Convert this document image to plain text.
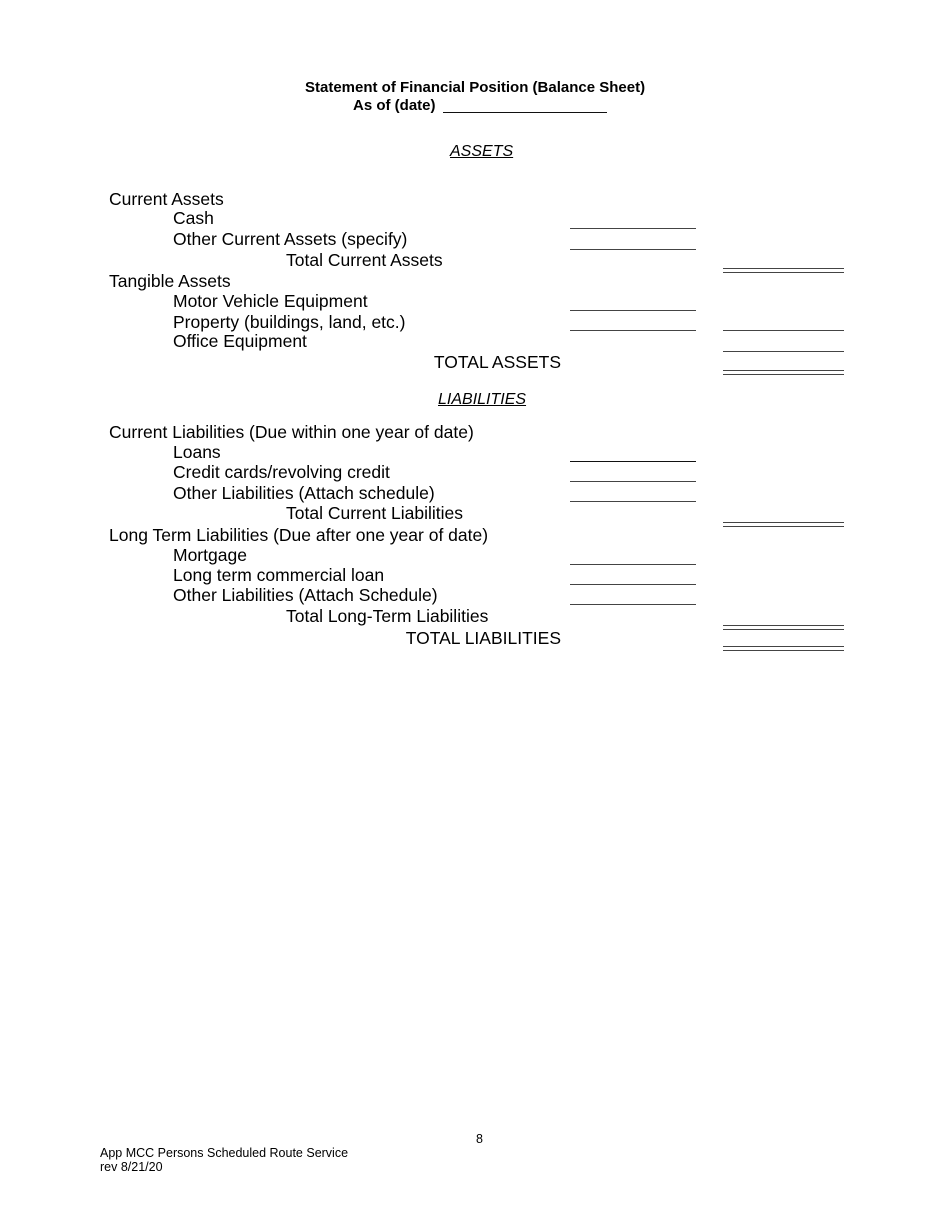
Statement of Financial Position (Balance Sheet)
As of (date)
ASSETS
Current Assets
Cash
Other Current Assets (specify)
Total Current Assets
Tangible Assets
Motor Vehicle Equipment
Property (buildings, land, etc.)
Office Equipment
TOTAL ASSETS
LIABILITIES
Current Liabilities (Due within one year of date)
Loans
Credit cards/revolving credit
Other Liabilities (Attach schedule)
Total Current Liabilities
Long Term Liabilities (Due after one year of date)
Mortgage
Long term commercial loan
Other Liabilities (Attach Schedule)
Total Long-Term Liabilities
TOTAL LIABILITIES
8
App MCC Persons Scheduled Route Service
rev 8/21/20
